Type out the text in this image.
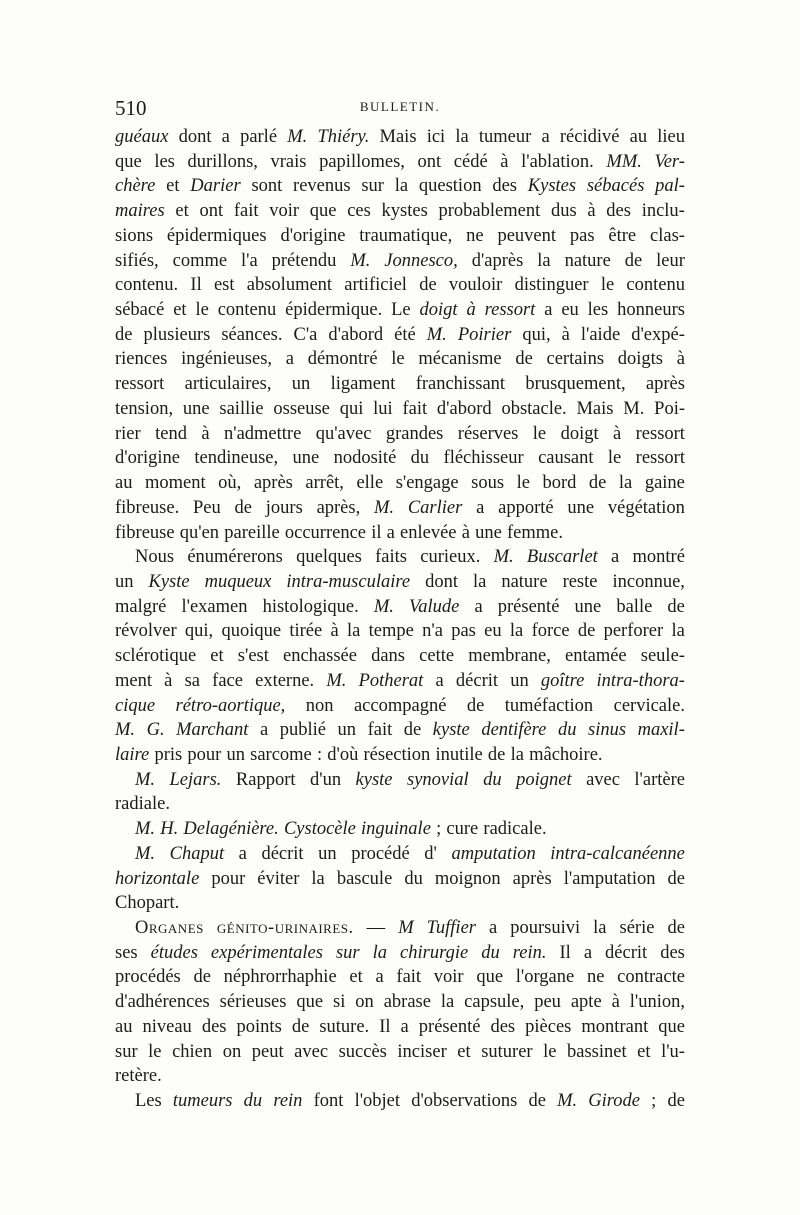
510	BULLETIN.
guéaux dont a parlé M. Thiéry. Mais ici la tumeur a récidivé au lieu
que les durillons, vrais papillomes, ont cédé à l'ablation. MM. Ver-
chère et Darier sont revenus sur la question des Kystes sébacés pal-
maires et ont fait voir que ces kystes probablement dus à des inclu-
sions épidermiques d'origine traumatique, ne peuvent pas être clas-
sifiés, comme l'a prétendu M. Jonnesco, d'après la nature de leur
contenu. Il est absolument artificiel de vouloir distinguer le contenu
sébacé et le contenu épidermique. Le doigt à ressort a eu les honneurs
de plusieurs séances. C'a d'abord été M. Poirier qui, à l'aide d'expé-
riences ingénieuses, a démontré le mécanisme de certains doigts à
ressort articulaires, un ligament franchissant brusquement, après
tension, une saillie osseuse qui lui fait d'abord obstacle. Mais M. Poi-
rier tend à n'admettre qu'avec grandes réserves le doigt à ressort
d'origine tendineuse, une nodosité du fléchisseur causant le ressort
au moment où, après arrêt, elle s'engage sous le bord de la gaine
fibreuse. Peu de jours après, M. Carlier a apporté une végétation
fibreuse qu'en pareille occurrence il a enlevée à une femme.
Nous énumérerons quelques faits curieux. M. Buscarlet a montré
un Kyste muqueux intra-musculaire dont la nature reste inconnue,
malgré l'examen histologique. M. Valude a présenté une balle de
révolver qui, quoique tirée à la tempe n'a pas eu la force de perforer la
sclérotique et s'est enchassée dans cette membrane, entamée seule-
ment à sa face externe. M. Potherat a décrit un goître intra-thora-
cique rétro-aortique, non accompagné de tuméfaction cervicale.
M. G. Marchant a publié un fait de kyste dentifère du sinus maxil-
laire pris pour un sarcome : d'où résection inutile de la mâchoire.
M. Lejars. Rapport d'un kyste synovial du poignet avec l'artère
radiale.
M. H. Delagénière. Cystocèle inguinale ; cure radicale.
M. Chaput a décrit un procédé d' amputation intra-calcanéenne
horizontale pour éviter la bascule du moignon après l'amputation de
Chopart.
Organes génito-urinaires. — M Tuffier a poursuivi la série de
ses études expérimentales sur la chirurgie du rein. Il a décrit des
procédés de néphrorrhaphie et a fait voir que l'organe ne contracte
d'adhérences sérieuses que si on abrase la capsule, peu apte à l'union,
au niveau des points de suture. Il a présenté des pièces montrant que
sur le chien on peut avec succès inciser et suturer le bassinet et l'u-
retère.
Les tumeurs du rein font l'objet d'observations de M. Girode ; de
